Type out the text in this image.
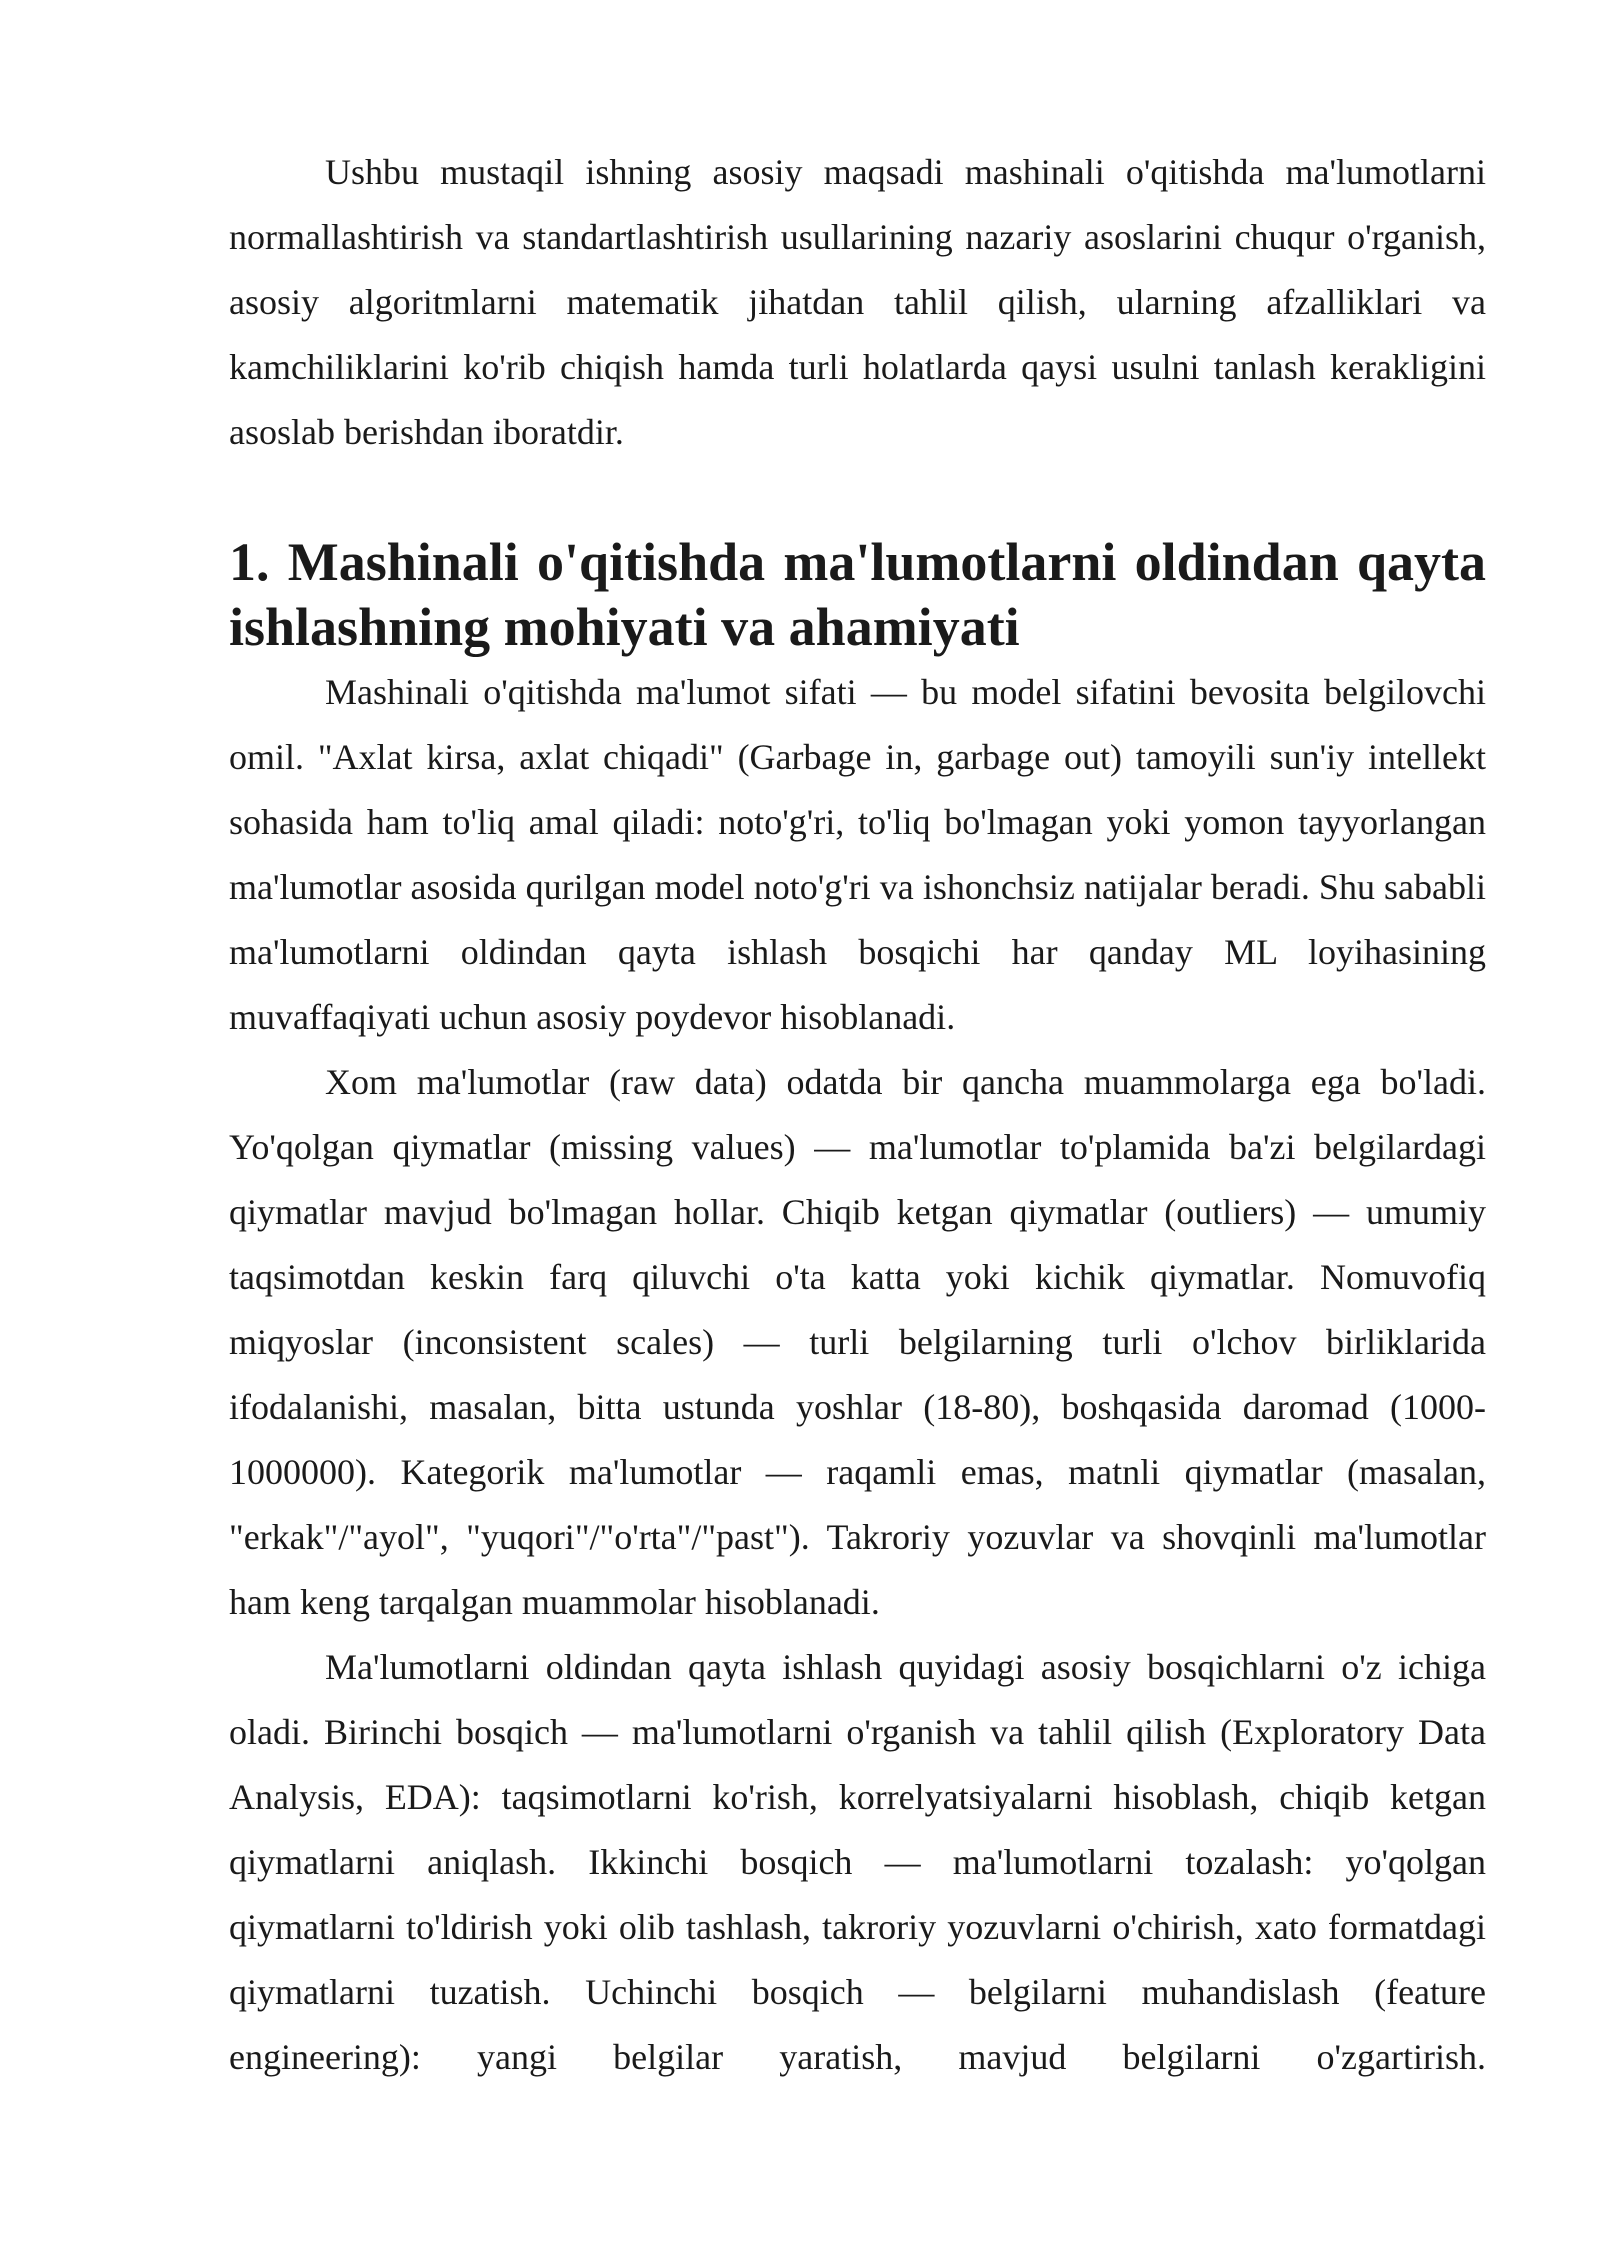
Ushbu mustaqil ishning asosiy maqsadi mashinali o'qitishda ma'lumotlarni normallashtirish va standartlashtirish usullarining nazariy asoslarini chuqur o'rganish, asosiy algoritmlarni matematik jihatdan tahlil qilish, ularning afzalliklari va kamchiliklarini ko'rib chiqish hamda turli holatlarda qaysi usulni tanlash kerakligini asoslab berishdan iboratdir.

1. Mashinali o'qitishda ma'lumotlarni oldindan qayta ishlashning mohiyati va ahamiyati

Mashinali o'qitishda ma'lumot sifati — bu model sifatini bevosita belgilovchi omil. "Axlat kirsa, axlat chiqadi" (Garbage in, garbage out) tamoyili sun'iy intellekt sohasida ham to'liq amal qiladi: noto'g'ri, to'liq bo'lmagan yoki yomon tayyorlangan ma'lumotlar asosida qurilgan model noto'g'ri va ishonchsiz natijalar beradi. Shu sababli ma'lumotlarni oldindan qayta ishlash bosqichi har qanday ML loyihasining muvaffaqiyati uchun asosiy poydevor hisoblanadi.

Xom ma'lumotlar (raw data) odatda bir qancha muammolarga ega bo'ladi. Yo'qolgan qiymatlar (missing values) — ma'lumotlar to'plamida ba'zi belgilardagi qiymatlar mavjud bo'lmagan hollar. Chiqib ketgan qiymatlar (outliers) — umumiy taqsimotdan keskin farq qiluvchi o'ta katta yoki kichik qiymatlar. Nomuvofiq miqyoslar (inconsistent scales) — turli belgilarning turli o'lchov birliklarida ifodalanishi, masalan, bitta ustunda yoshlar (18-80), boshqasida daromad (1000-1000000). Kategorik ma'lumotlar — raqamli emas, matnli qiymatlar (masalan, "erkak"/"ayol", "yuqori"/"o'rta"/"past"). Takroriy yozuvlar va shovqinli ma'lumotlar ham keng tarqalgan muammolar hisoblanadi.

Ma'lumotlarni oldindan qayta ishlash quyidagi asosiy bosqichlarni o'z ichiga oladi. Birinchi bosqich — ma'lumotlarni o'rganish va tahlil qilish (Exploratory Data Analysis, EDA): taqsimotlarni ko'rish, korrelyatsiyalarni hisoblash, chiqib ketgan qiymatlarni aniqlash. Ikkinchi bosqich — ma'lumotlarni tozalash: yo'qolgan qiymatlarni to'ldirish yoki olib tashlash, takroriy yozuvlarni o'chirish, xato formatdagi qiymatlarni tuzatish. Uchinchi bosqich — belgilarni muhandislash (feature engineering): yangi belgilar yaratish, mavjud belgilarni o'zgartirish.
